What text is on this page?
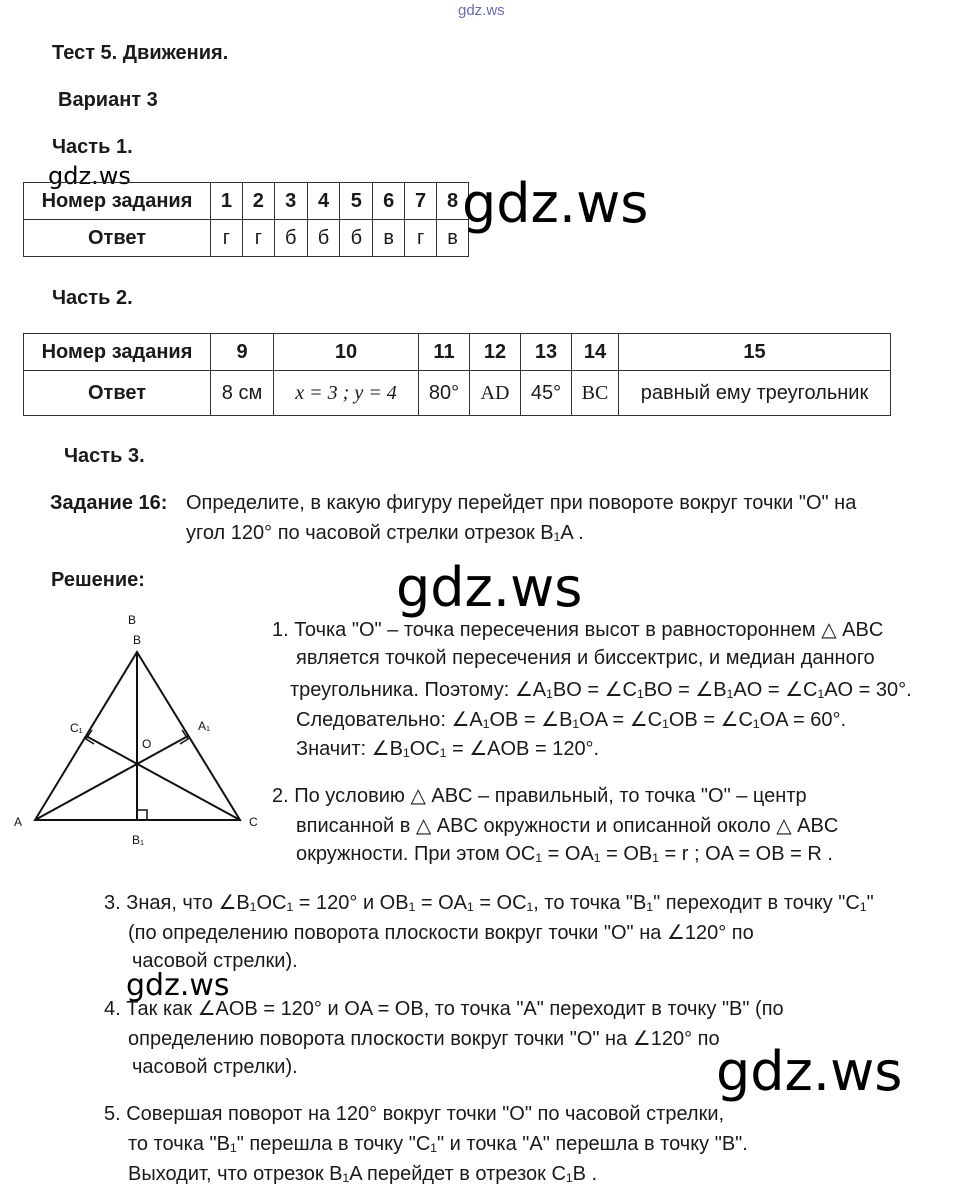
gdz.ws
Тест 5. Движения.
Вариант 3
Часть 1.
gdz.ws
Номер задания	1	2	3	4	5	6	7	8
Ответ	г	г	б	б	б	в	г	в
gdz.ws
Часть 2.
Номер задания	9	10	11	12	13	14	15
Ответ	8 см	x = 3 ; y = 4	80°	AD	45°	BC	равный ему треугольник
Часть 3.
Задание 16: Определите, в какую фигуру перейдет при повороте вокруг точки "O" на
угол 120° по часовой стрелки отрезок B₁A .
Решение:	gdz.ws
B
B
C₁	A₁
O
A	C
B₁
1. Точка "O" – точка пересечения высот в равностороннем △ ABC
является точкой пересечения и биссектрис, и медиан данного
треугольника. Поэтому: ∠A₁BO = ∠C₁BO = ∠B₁AO = ∠C₁AO = 30°.
Следовательно: ∠A₁OB = ∠B₁OA = ∠C₁OB = ∠C₁OA = 60°.
Значит: ∠B₁OC₁ = ∠AOB = 120°.
2. По условию △ ABC – правильный, то точка "O" – центр
вписанной в △ ABC окружности и описанной около △ ABC
окружности. При этом OC₁ = OA₁ = OB₁ = r ; OA = OB = R .
3. Зная, что ∠B₁OC₁ = 120° и OB₁ = OA₁ = OC₁, то точка "B₁" переходит в точку "C₁"
(по определению поворота плоскости вокруг точки "O" на ∠120° по
часовой стрелки).
gdz.ws
4. Так как ∠AOB = 120° и OA = OB, то точка "A" переходит в точку "B" (по
определению поворота плоскости вокруг точки "O" на ∠120° по
часовой стрелки).	gdz.ws
5. Совершая поворот на 120° вокруг точки "O" по часовой стрелки,
то точка "B₁" перешла в точку "C₁" и точка "A" перешла в точку "B".
Выходит, что отрезок B₁A перейдет в отрезок C₁B .
